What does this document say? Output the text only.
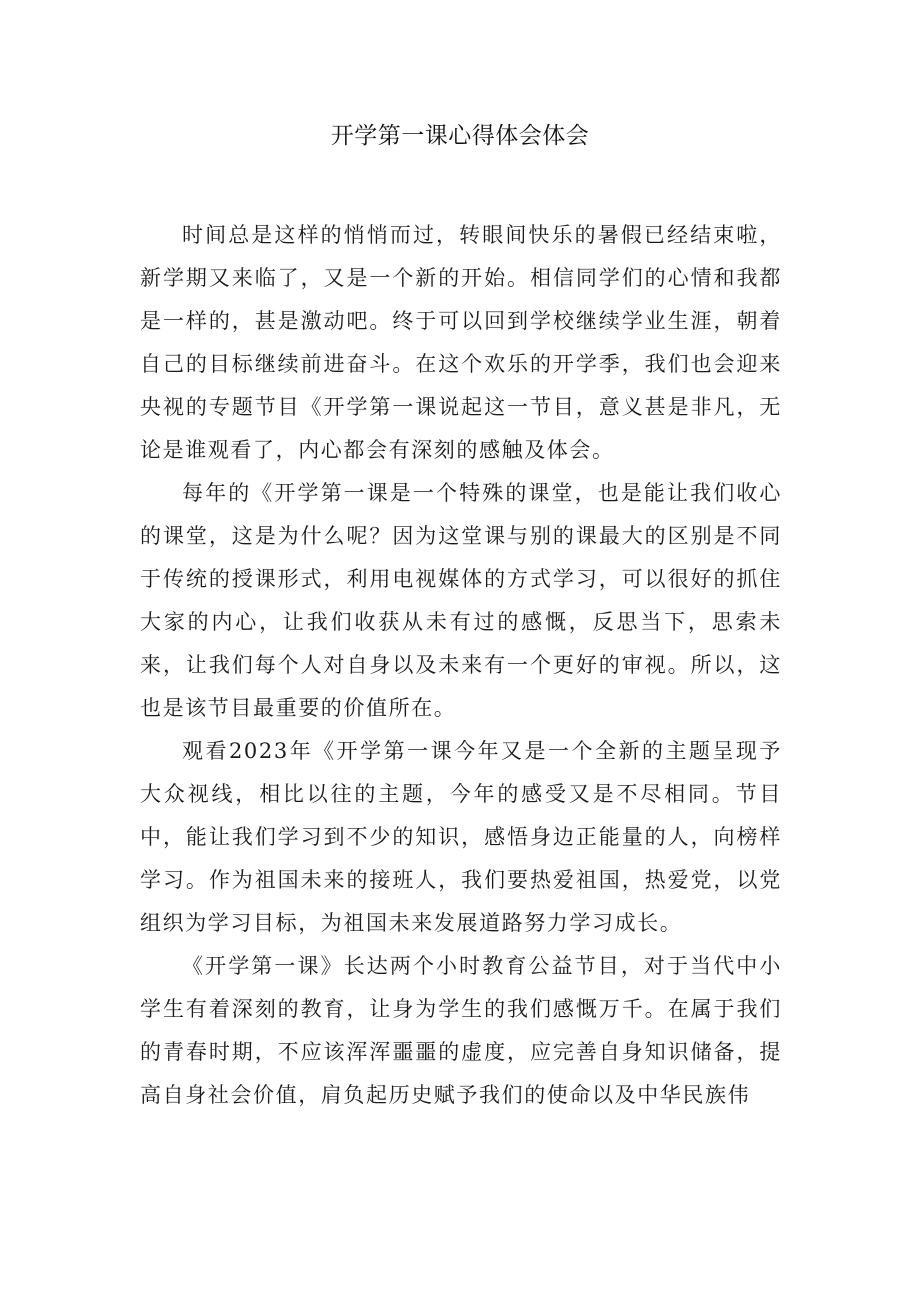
开学第一课心得体会体会

时间总是这样的悄悄而过，转眼间快乐的暑假已经结束啦，新学期又来临了，又是一个新的开始。相信同学们的心情和我都是一样的，甚是激动吧。终于可以回到学校继续学业生涯，朝着自己的目标继续前进奋斗。在这个欢乐的开学季，我们也会迎来央视的专题节目《开学第一课说起这一节目，意义甚是非凡，无论是谁观看了，内心都会有深刻的感触及体会。

每年的《开学第一课是一个特殊的课堂，也是能让我们收心的课堂，这是为什么呢？因为这堂课与别的课最大的区别是不同于传统的授课形式，利用电视媒体的方式学习，可以很好的抓住大家的内心，让我们收获从未有过的感慨，反思当下，思索未来，让我们每个人对自身以及未来有一个更好的审视。所以，这也是该节目最重要的价值所在。

观看2023年《开学第一课今年又是一个全新的主题呈现予大众视线，相比以往的主题，今年的感受又是不尽相同。节目中，能让我们学习到不少的知识，感悟身边正能量的人，向榜样学习。作为祖国未来的接班人，我们要热爱祖国，热爱党，以党组织为学习目标，为祖国未来发展道路努力学习成长。

《开学第一课》长达两个小时教育公益节目，对于当代中小学生有着深刻的教育，让身为学生的我们感慨万千。在属于我们的青春时期，不应该浑浑噩噩的虚度，应完善自身知识储备，提高自身社会价值，肩负起历史赋予我们的使命以及中华民族伟
